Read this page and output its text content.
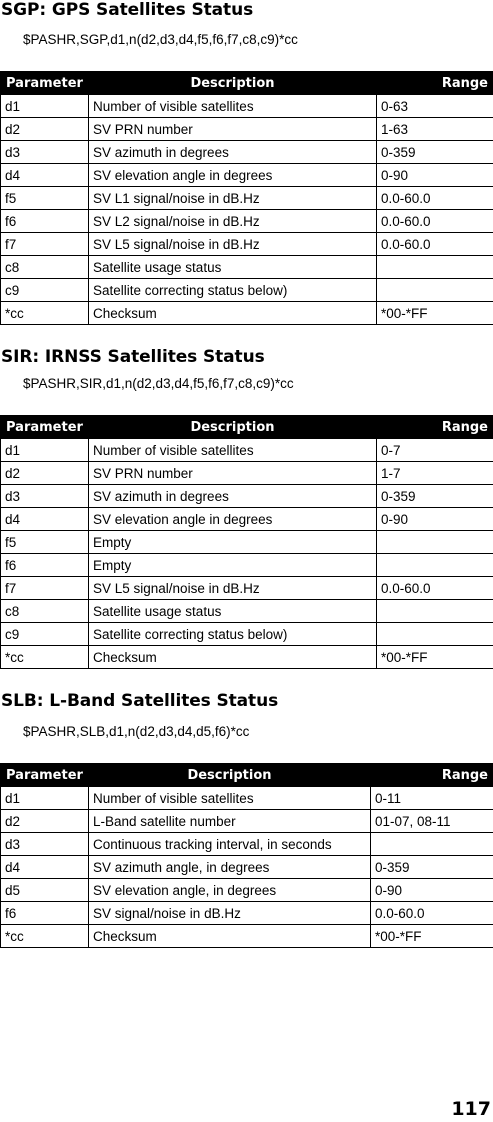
SGP: GPS Satellites Status
$PASHR,SGP,d1,n(d2,d3,d4,f5,f6,f7,c8,c9)*cc
Parameter	Description	Range
d1	Number of visible satellites	0-63
d2	SV PRN number	1-63
d3	SV azimuth in degrees	0-359
d4	SV elevation angle in degrees	0-90
f5	SV L1 signal/noise in dB.Hz	0.0-60.0
f6	SV L2 signal/noise in dB.Hz	0.0-60.0
f7	SV L5 signal/noise in dB.Hz	0.0-60.0
c8	Satellite usage status	
c9	Satellite correcting status below)	
*cc	Checksum	*00-*FF
SIR: IRNSS Satellites Status
$PASHR,SIR,d1,n(d2,d3,d4,f5,f6,f7,c8,c9)*cc
Parameter	Description	Range
d1	Number of visible satellites	0-7
d2	SV PRN number	1-7
d3	SV azimuth in degrees	0-359
d4	SV elevation angle in degrees	0-90
f5	Empty	
f6	Empty	
f7	SV L5 signal/noise in dB.Hz	0.0-60.0
c8	Satellite usage status	
c9	Satellite correcting status below)	
*cc	Checksum	*00-*FF
SLB: L-Band Satellites Status
$PASHR,SLB,d1,n(d2,d3,d4,d5,f6)*cc
Parameter	Description	Range
d1	Number of visible satellites	0-11
d2	L-Band satellite number	01-07, 08-11
d3	Continuous tracking interval, in seconds	
d4	SV azimuth angle, in degrees	0-359
d5	SV elevation angle, in degrees	0-90
f6	SV signal/noise in dB.Hz	0.0-60.0
*cc	Checksum	*00-*FF
117
